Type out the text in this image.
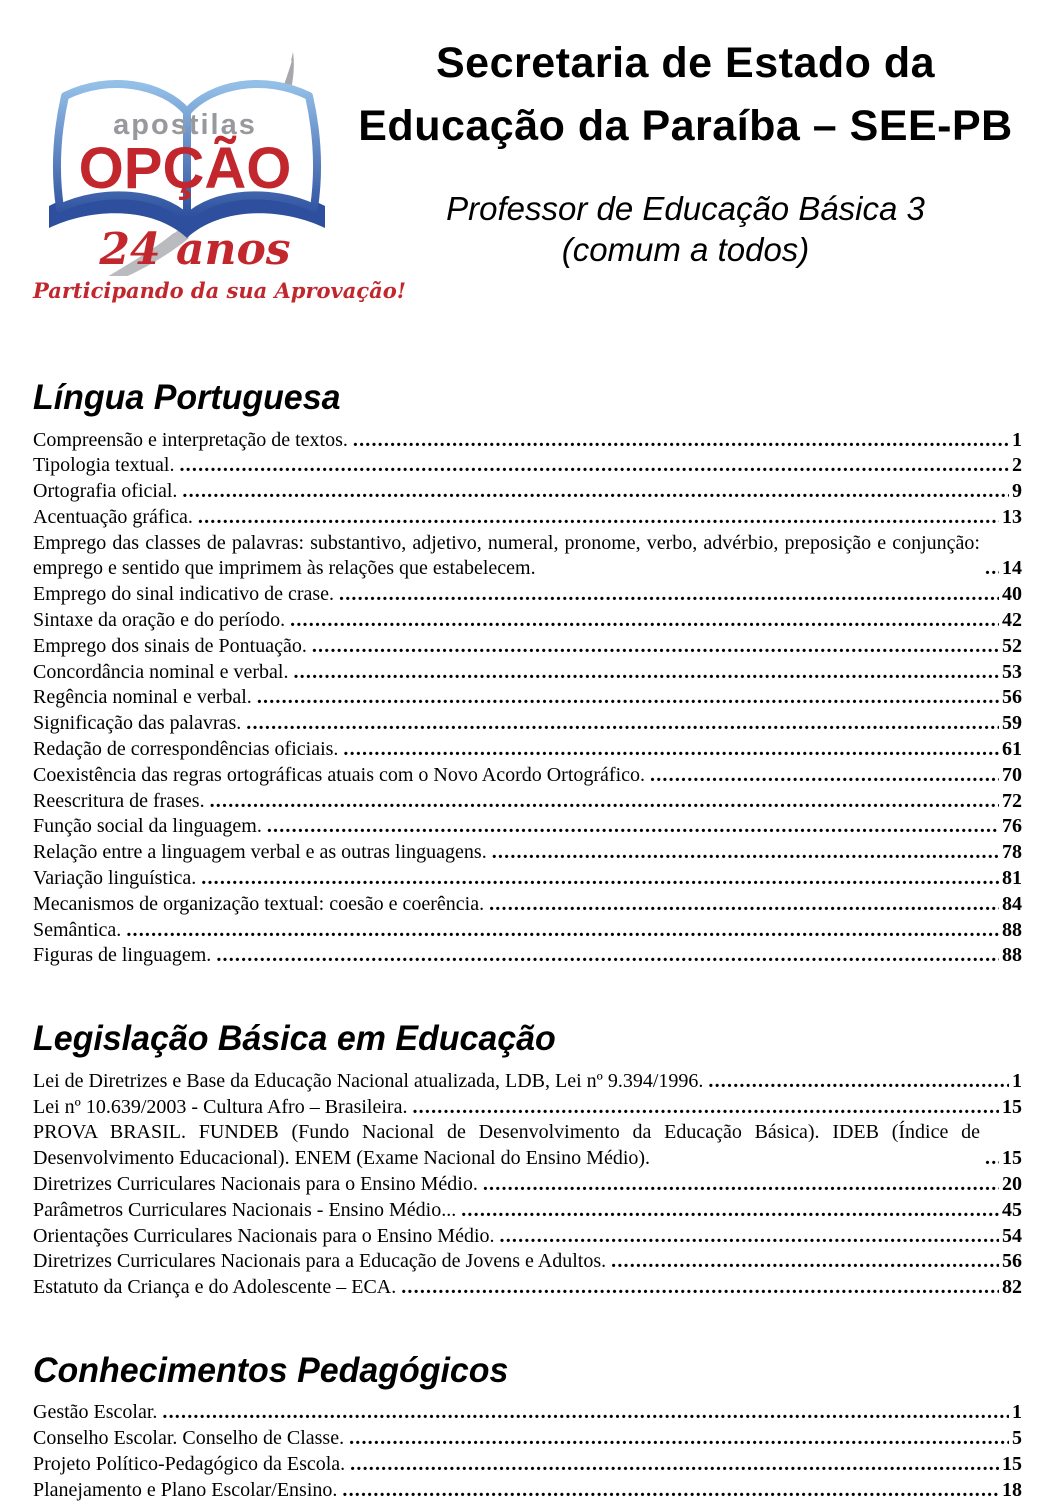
apostilas
OPÇÃO
24 anos
Participando da sua Aprovação!
Secretaria de Estado da
Educação da Paraíba – SEE-PB
Professor de Educação Básica 3
(comum a todos)
Língua Portuguesa
Compreensão e interpretação de textos. .....	1
Tipologia textual. .....	2
Ortografia oficial. .....	9
Acentuação gráfica. .....	13
Emprego das classes de palavras: substantivo, adjetivo, numeral, pronome, verbo, advérbio, preposição e conjunção: emprego e sentido que imprimem às relações que estabelecem. .....	14
Emprego do sinal indicativo de crase. .....	40
Sintaxe da oração e do período. .....	42
Emprego dos sinais de Pontuação. .....	52
Concordância nominal e verbal. .....	53
Regência nominal e verbal. .....	56
Significação das palavras. .....	59
Redação de correspondências oficiais. .....	61
Coexistência das regras ortográficas atuais com o Novo Acordo Ortográfico. .....	70
Reescritura de frases. .....	72
Função social da linguagem. .....	76
Relação entre a linguagem verbal e as outras linguagens. .....	78
Variação linguística. .....	81
Mecanismos de organização textual: coesão e coerência. .....	84
Semântica. .....	88
Figuras de linguagem. .....	88
Legislação Básica em Educação
Lei de Diretrizes e Base da Educação Nacional atualizada, LDB, Lei nº 9.394/1996. .....	1
Lei nº 10.639/2003 - Cultura Afro – Brasileira. .....	15
PROVA BRASIL. FUNDEB (Fundo Nacional de Desenvolvimento da Educação Básica). IDEB (Índice de Desenvolvimento Educacional). ENEM (Exame Nacional do Ensino Médio). .....	15
Diretrizes Curriculares Nacionais para o Ensino Médio. .....	20
Parâmetros Curriculares Nacionais - Ensino Médio... .....	45
Orientações Curriculares Nacionais para o Ensino Médio. .....	54
Diretrizes Curriculares Nacionais para a Educação de Jovens e Adultos. .....	56
Estatuto da Criança e do Adolescente – ECA. .....	82
Conhecimentos Pedagógicos
Gestão Escolar. .....	1
Conselho Escolar. Conselho de Classe. .....	5
Projeto Político-Pedagógico da Escola. .....	15
Planejamento e Plano Escolar/Ensino. .....	18
